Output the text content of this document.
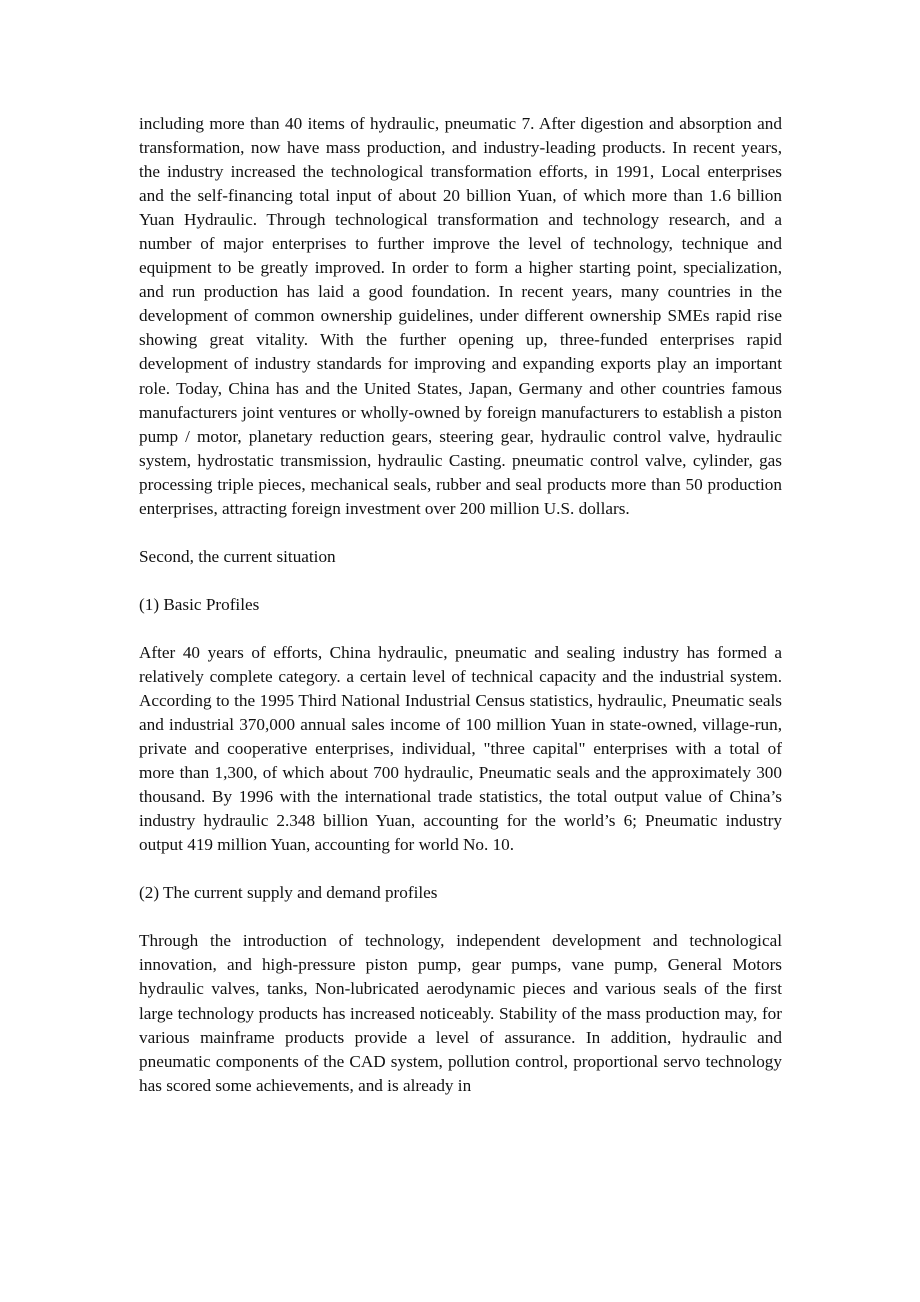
including more than 40 items of hydraulic, pneumatic 7. After digestion and absorption and transformation, now have mass production, and industry-leading products. In recent years, the industry increased the technological transformation efforts, in 1991, Local enterprises and the self-financing total input of about 20 billion Yuan, of which more than 1.6 billion Yuan Hydraulic. Through technological transformation and technology research, and a number of major enterprises to further improve the level of technology, technique and equipment to be greatly improved. In order to form a higher starting point, specialization, and run production has laid a good foundation. In recent years, many countries in the development of common ownership guidelines, under different ownership SMEs rapid rise showing great vitality. With the further opening up, three-funded enterprises rapid development of industry standards for improving and expanding exports play an important role. Today, China has and the United States, Japan, Germany and other countries famous manufacturers joint ventures or wholly-owned by foreign manufacturers to establish a piston pump / motor, planetary reduction gears, steering gear, hydraulic control valve, hydraulic system, hydrostatic transmission, hydraulic Casting. pneumatic control valve, cylinder, gas processing triple pieces, mechanical seals, rubber and seal products more than 50 production enterprises, attracting foreign investment over 200 million U.S. dollars.

Second, the current situation

(1) Basic Profiles

After 40 years of efforts, China hydraulic, pneumatic and sealing industry has formed a relatively complete category. a certain level of technical capacity and the industrial system. According to the 1995 Third National Industrial Census statistics, hydraulic, Pneumatic seals and industrial 370,000 annual sales income of 100 million Yuan in state-owned, village-run, private and cooperative enterprises, individual, "three capital" enterprises with a total of more than 1,300, of which about 700 hydraulic, Pneumatic seals and the approximately 300 thousand. By 1996 with the international trade statistics, the total output value of China’s industry hydraulic 2.348 billion Yuan, accounting for the world’s 6; Pneumatic industry output 419 million Yuan, accounting for world No. 10.

(2) The current supply and demand profiles

Through the introduction of technology, independent development and technological innovation, and high-pressure piston pump, gear pumps, vane pump, General Motors hydraulic valves, tanks, Non-lubricated aerodynamic pieces and various seals of the first large technology products has increased noticeably. Stability of the mass production may, for various mainframe products provide a level of assurance. In addition, hydraulic and pneumatic components of the CAD system, pollution control, proportional servo technology has scored some achievements, and is already in
